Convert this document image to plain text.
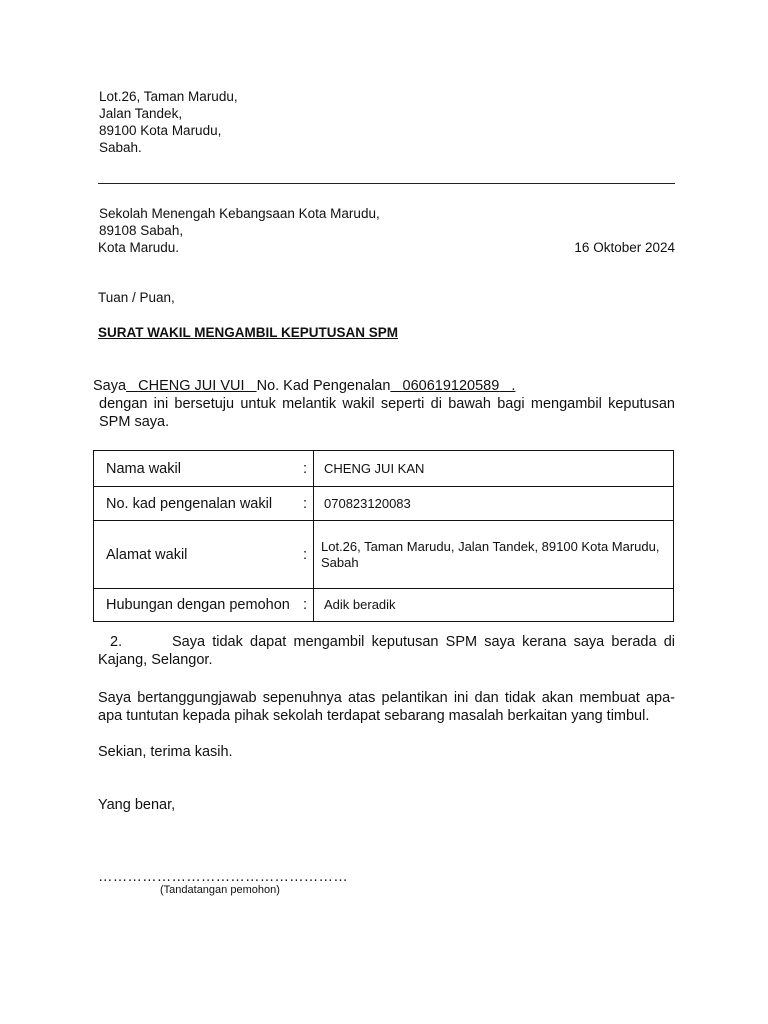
Lot.26, Taman Marudu,
Jalan Tandek,
89100 Kota Marudu,
Sabah.
Sekolah Menengah Kebangsaan Kota Marudu,
89108 Sabah,
Kota Marudu.	16 Oktober 2024
Tuan / Puan,
SURAT WAKIL MENGAMBIL KEPUTUSAN SPM
Saya CHENG JUI VUI No. Kad Pengenalan 060619120589   .
dengan ini bersetuju untuk melantik wakil seperti di bawah bagi mengambil keputusan SPM saya.
Nama wakil :	CHENG JUI KAN

No. kad pengenalan wakil :	070823120083

Alamat wakil :	Lot.26, Taman Marudu, Jalan Tandek, 89100 Kota Marudu, Sabah

Hubungan dengan pemohon :	Adik beradik
2.	Saya tidak dapat mengambil keputusan SPM saya kerana saya berada di Kajang, Selangor.
Saya bertanggungjawab sepenuhnya atas pelantikan ini dan tidak akan membuat apa-apa tuntutan kepada pihak sekolah terdapat sebarang masalah berkaitan yang timbul.
Sekian, terima kasih.
Yang benar,
……………………………………………
(Tandatangan pemohon)
